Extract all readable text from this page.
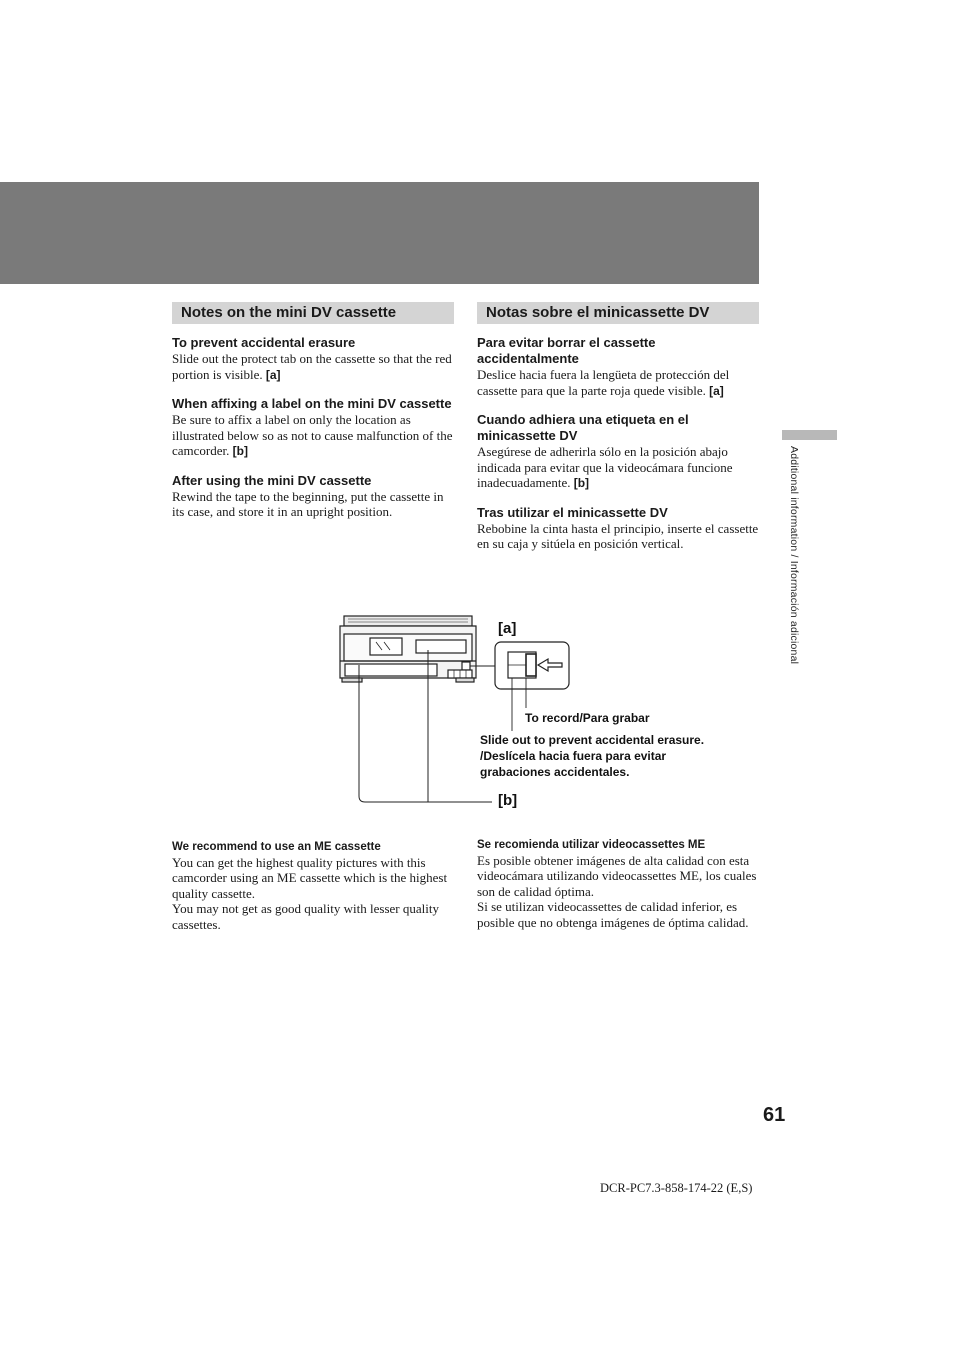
Additional information / Información adicional
Notes on the mini DV cassette

To prevent accidental erasure

Slide out the protect tab on the cassette so that the red portion is visible. [a]

When affixing a label on the mini DV cassette

Be sure to affix a label on only the location as illustrated below so as not to cause malfunction of the camcorder. [b]

After using the mini DV cassette

Rewind the tape to the beginning, put the cassette in its case, and store it in an upright position.

Notas sobre el minicassette DV

Para evitar borrar el cassette accidentalmente

Deslice hacia fuera la lengüeta de protección del cassette para que la parte roja quede visible. [a]

Cuando adhiera una etiqueta en el minicassette DV

Asegúrese de adherirla sólo en la posición abajo indicada para evitar que la videocámara funcione inadecuadamente. [b]

Tras utilizar el minicassette DV

Rebobine la cinta hasta el principio, inserte el cassette en su caja y sitúela en posición vertical.

[a]
[b]
To record/Para grabar
Slide out to prevent accidental erasure.
/Deslícela hacia fuera para evitar
grabaciones accidentales.

We recommend to use an ME cassette

You can get the highest quality pictures with this camcorder using an ME cassette which is the highest quality cassette.

You may not get as good quality with lesser quality cassettes.

Se recomienda utilizar videocassettes ME

Es posible obtener imágenes de alta calidad con esta videocámara utilizando videocassettes ME, los cuales son de calidad óptima.

Si se utilizan videocassettes de calidad inferior, es posible que no obtenga imágenes de óptima calidad.

61
DCR-PC7.3-858-174-22 (E,S)
